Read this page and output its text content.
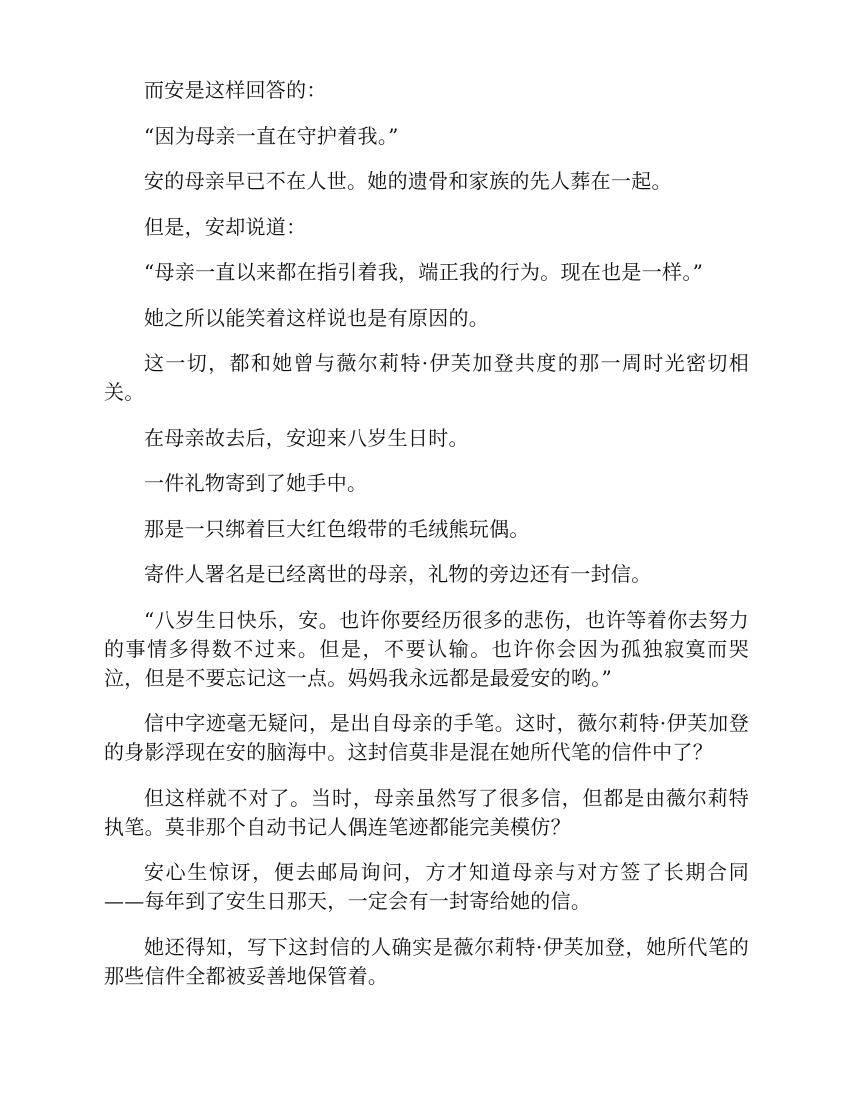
而安是这样回答的：

“因为母亲一直在守护着我。”

安的母亲早已不在人世。她的遗骨和家族的先人葬在一起。

但是，安却说道：

“母亲一直以来都在指引着我，端正我的行为。现在也是一样。”

她之所以能笑着这样说也是有原因的。

这一切，都和她曾与薇尔莉特·伊芙加登共度的那一周时光密切相关。

在母亲故去后，安迎来八岁生日时。

一件礼物寄到了她手中。

那是一只绑着巨大红色缎带的毛绒熊玩偶。

寄件人署名是已经离世的母亲，礼物的旁边还有一封信。

“八岁生日快乐，安。也许你要经历很多的悲伤，也许等着你去努力的事情多得数不过来。但是，不要认输。也许你会因为孤独寂寞而哭泣，但是不要忘记这一点。妈妈我永远都是最爱安的哟。”

信中字迹毫无疑问，是出自母亲的手笔。这时，薇尔莉特·伊芙加登的身影浮现在安的脑海中。这封信莫非是混在她所代笔的信件中了？

但这样就不对了。当时，母亲虽然写了很多信，但都是由薇尔莉特执笔。莫非那个自动书记人偶连笔迹都能完美模仿？

安心生惊讶，便去邮局询问，方才知道母亲与对方签了长期合同——每年到了安生日那天，一定会有一封寄给她的信。

她还得知，写下这封信的人确实是薇尔莉特·伊芙加登，她所代笔的那些信件全都被妥善地保管着。
